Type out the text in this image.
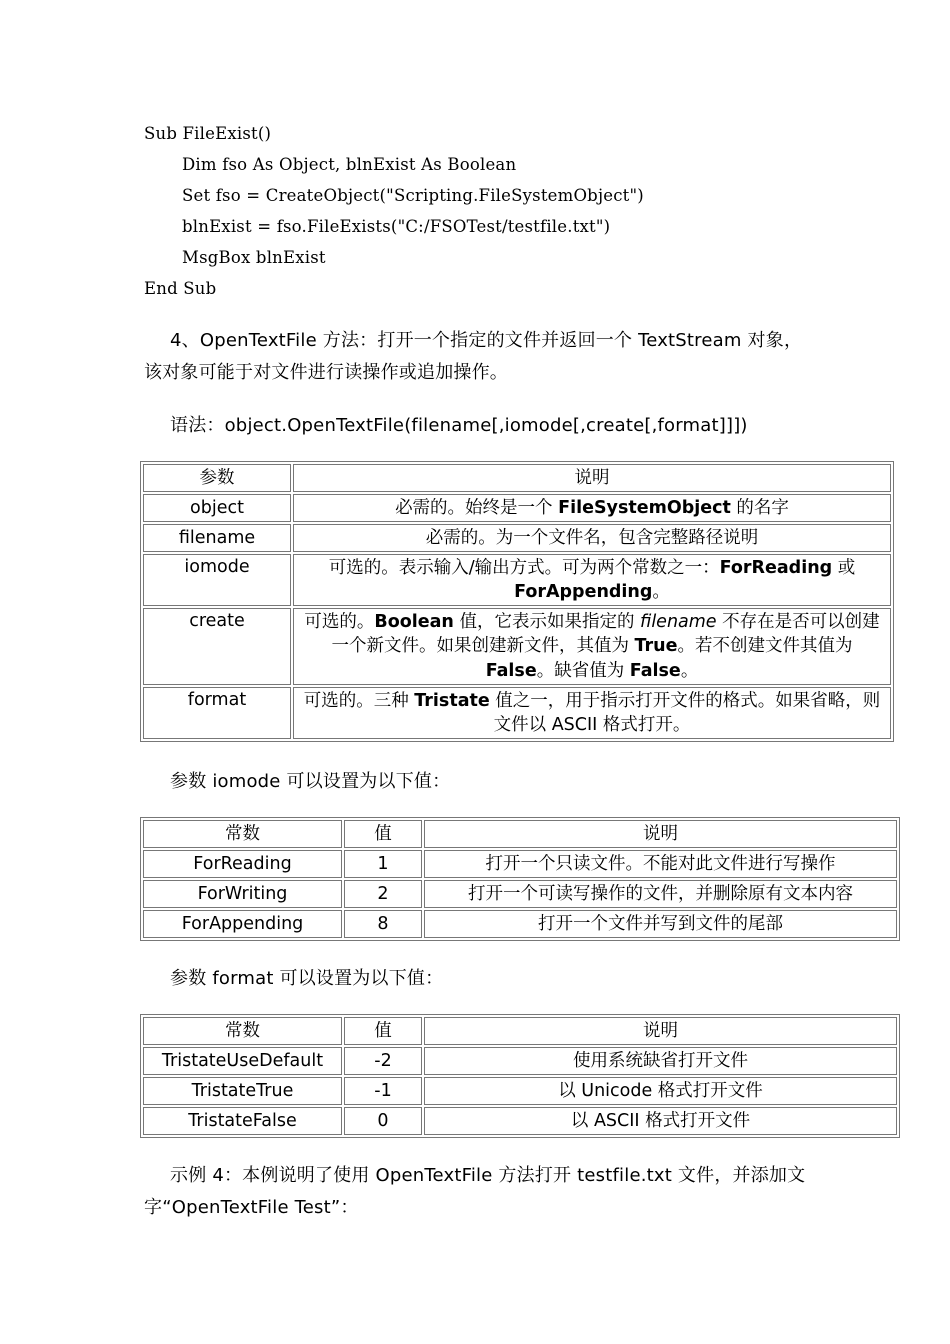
Sub FileExist()
Dim fso As Object, blnExist As Boolean
Set fso = CreateObject("Scripting.FileSystemObject")
blnExist = fso.FileExists("C:/FSOTest/testfile.txt")
MsgBox blnExist
End Sub
4、OpenTextFile 方法：打开一个指定的文件并返回一个 TextStream 对象，
该对象可能于对文件进行读操作或追加操作。
语法：object.OpenTextFile(filename[,iomode[,create[,format]]])
参数	说明
object	必需的。始终是一个 FileSystemObject 的名字
filename	必需的。为一个文件名，包含完整路径说明
iomode	可选的。表示输入/输出方式。可为两个常数之一：ForReading 或 ForAppending。
create	可选的。Boolean 值，它表示如果指定的 filename 不存在是否可以创建一个新文件。如果创建新文件，其值为 True。若不创建文件其值为 False。缺省值为 False。
format	可选的。三种 Tristate 值之一，用于指示打开文件的格式。如果省略，则文件以 ASCII 格式打开。
参数 iomode 可以设置为以下值：
常数	值	说明
ForReading	1	打开一个只读文件。不能对此文件进行写操作
ForWriting	2	打开一个可读写操作的文件，并删除原有文本内容
ForAppending	8	打开一个文件并写到文件的尾部
参数 format 可以设置为以下值：
常数	值	说明
TristateUseDefault	-2	使用系统缺省打开文件
TristateTrue	-1	以 Unicode 格式打开文件
TristateFalse	0	以 ASCII 格式打开文件
示例 4：本例说明了使用 OpenTextFile 方法打开 testfile.txt 文件，并添加文
字“OpenTextFile Test”：
